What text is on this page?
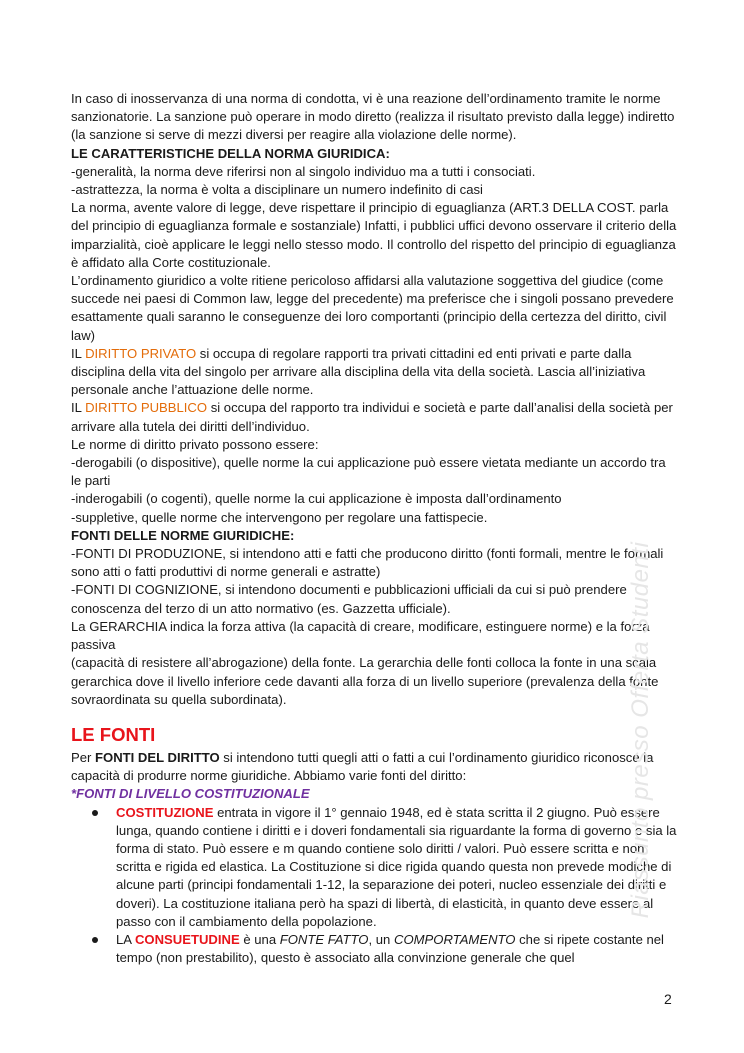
In caso di inosservanza di una norma di condotta, vi è una reazione dell’ordinamento tramite le norme sanzionatorie. La sanzione può operare in modo diretto (realizza il risultato previsto dalla legge) indiretto (la sanzione si serve di mezzi diversi per reagire alla violazione delle norme).

LE CARATTERISTICHE DELLA NORMA GIURIDICA:

-generalità, la norma deve riferirsi non al singolo individuo ma a tutti i consociati.

-astrattezza, la norma è volta a disciplinare un numero indefinito di casi

La norma, avente valore di legge, deve rispettare il principio di eguaglianza (ART.3 DELLA COST. parla del principio di eguaglianza formale e sostanziale) Infatti, i pubblici uffici devono osservare il criterio della imparzialità, cioè applicare le leggi nello stesso modo. Il controllo del rispetto del principio di eguaglianza è affidato alla Corte costituzionale.

L’ordinamento giuridico a volte ritiene pericoloso affidarsi alla valutazione soggettiva del giudice (come succede nei paesi di Common law, legge del precedente) ma preferisce che i singoli possano prevedere esattamente quali saranno le conseguenze dei loro comportanti (principio della certezza del diritto, civil law)

IL DIRITTO PRIVATO si occupa di regolare rapporti tra privati cittadini ed enti privati e parte dalla disciplina della vita del singolo per arrivare alla disciplina della vita della società. Lascia all’iniziativa personale anche l’attuazione delle norme.

IL DIRITTO PUBBLICO si occupa del rapporto tra individui e società e parte dall’analisi della società per arrivare alla tutela dei diritti dell’individuo.

Le norme di diritto privato possono essere:

-derogabili (o dispositive), quelle norme la cui applicazione può essere vietata mediante un accordo tra le parti

-inderogabili (o cogenti), quelle norme la cui applicazione è imposta dall’ordinamento

-suppletive, quelle norme che intervengono per regolare una fattispecie.

FONTI DELLE NORME GIURIDICHE:

-FONTI DI PRODUZIONE, si intendono atti e fatti che producono diritto (fonti formali, mentre le formali sono atti o fatti produttivi di norme generali e astratte)

-FONTI DI COGNIZIONE, si intendono documenti e pubblicazioni ufficiali da cui si può prendere conoscenza del terzo di un atto normativo (es. Gazzetta ufficiale).

La GERARCHIA indica la forza attiva (la capacità di creare, modificare, estinguere norme) e la forza passiva

(capacità di resistere all’abrogazione) della fonte. La gerarchia delle fonti colloca la fonte in una scala gerarchica dove il livello inferiore cede davanti alla forza di un livello superiore (prevalenza della fonte sovraordinata su quella subordinata).

LE FONTI

Per FONTI DEL DIRITTO si intendono tutti quegli atti o fatti a cui l’ordinamento giuridico riconosce la capacità di produrre norme giuridiche. Abbiamo varie fonti del diritto:

*FONTI DI LIVELLO COSTITUZIONALE

COSTITUZIONE entrata in vigore il 1° gennaio 1948, ed è stata scritta il 2 giugno. Può essere lunga, quando contiene i diritti e i doveri fondamentali sia riguardante la forma di governo e sia la forma di stato. Può essere e m quando contiene solo diritti / valori. Può essere scritta e non scritta e rigida ed elastica. La Costituzione si dice rigida quando questa non prevede modiche di alcune parti (principi fondamentali 1-12, la separazione dei poteri, nucleo essenziale dei diritti e doveri). La costituzione italiana però ha spazi di libertà, di elasticità, in quanto deve essere al passo con il cambiamento della popolazione.
LA CONSUETUDINE è una FONTE FATTO, un COMPORTAMENTO che si ripete costante nel tempo (non prestabilito), questo è associato alla convinzione generale che quel
Riassunto presso Offerta Studenti
2
